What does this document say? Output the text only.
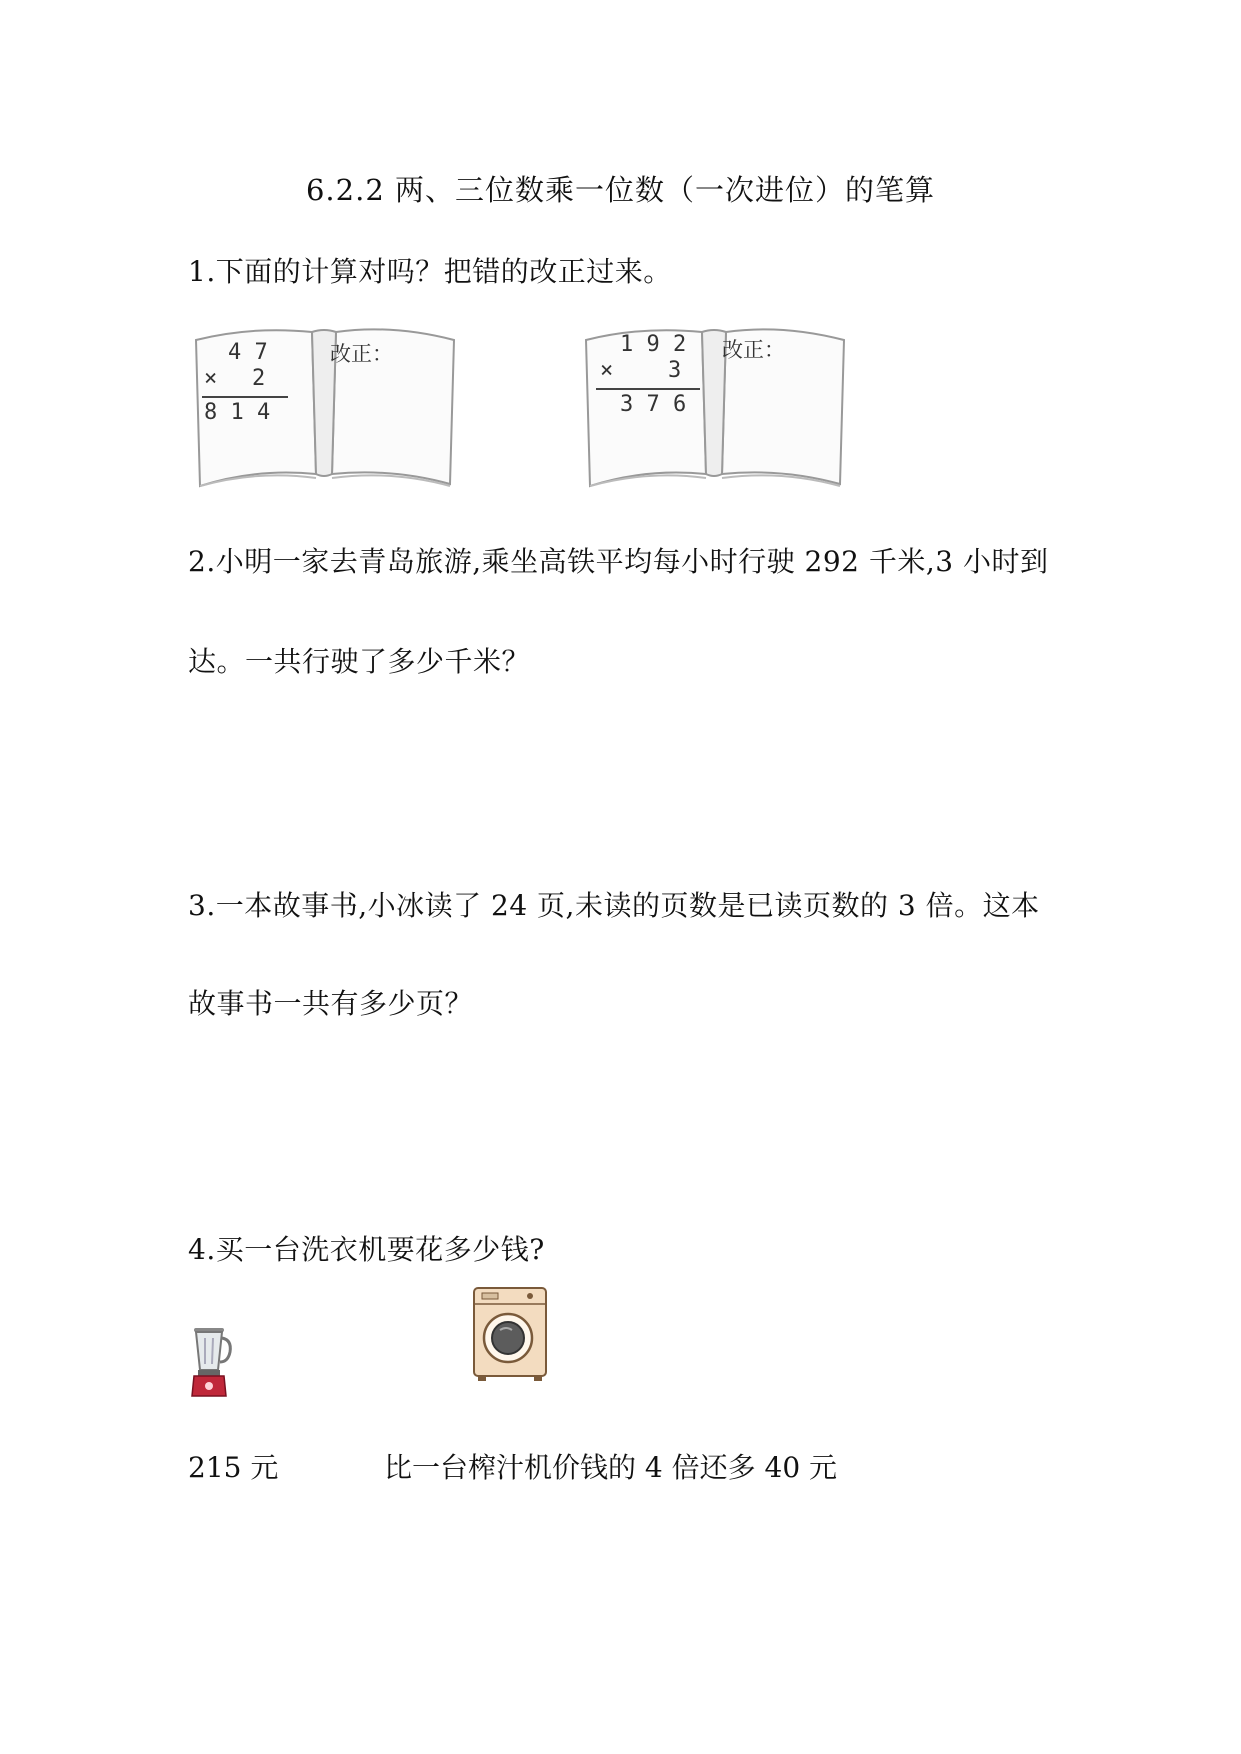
6.2.2 两、三位数乘一位数（一次进位）的笔算
1.下面的计算对吗？把错的改正过来。
4 7
× 2
8 1 4
改正：	1 9 2
× 3
3 7 6
改正：
2.小明一家去青岛旅游,乘坐高铁平均每小时行驶 292 千米,3 小时到
达。一共行驶了多少千米？
3.一本故事书,小冰读了 24 页,未读的页数是已读页数的 3 倍。这本
故事书一共有多少页？
4.买一台洗衣机要花多少钱?
215 元	比一台榨汁机价钱的 4 倍还多 40 元
